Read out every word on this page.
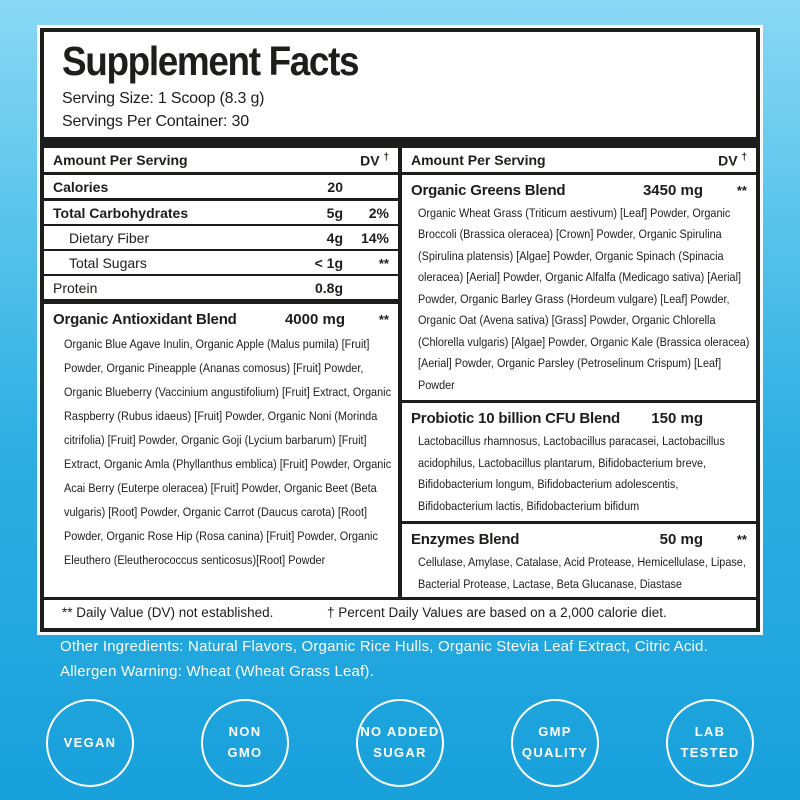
Supplement Facts
Serving Size: 1 Scoop (8.3 g)
Servings Per Container: 30
Amount Per Serving	DV †
Calories	20
Total Carbohydrates	5g	2%
Dietary Fiber	4g	14%
Total Sugars	< 1g	**
Protein	0.8g
Organic Antioxidant Blend	4000 mg	**
Organic Blue Agave Inulin, Organic Apple (Malus pumila) [Fruit] Powder, Organic Pineapple (Ananas comosus) [Fruit] Powder, Organic Blueberry (Vaccinium angustifolium) [Fruit] Extract, Organic Raspberry (Rubus idaeus) [Fruit] Powder, Organic Noni (Morinda citrifolia) [Fruit] Powder, Organic Goji (Lycium barbarum) [Fruit] Extract, Organic Amla (Phyllanthus emblica) [Fruit] Powder, Organic Acai Berry (Euterpe oleracea) [Fruit] Powder, Organic Beet (Beta vulgaris) [Root] Powder, Organic Carrot (Daucus carota) [Root] Powder, Organic Rose Hip (Rosa canina) [Fruit] Powder, Organic Eleuthero (Eleutherococcus senticosus)[Root] Powder
Amount Per Serving	DV †
Organic Greens Blend	3450 mg	**
Organic Wheat Grass (Triticum aestivum) [Leaf] Powder, Organic Broccoli (Brassica oleracea) [Crown] Powder, Organic Spirulina (Spirulina platensis) [Algae] Powder, Organic Spinach (Spinacia oleracea) [Aerial] Powder, Organic Alfalfa (Medicago sativa) [Aerial] Powder, Organic Barley Grass (Hordeum vulgare) [Leaf] Powder, Organic Oat (Avena sativa) [Grass] Powder, Organic Chlorella (Chlorella vulgaris) [Algae] Powder, Organic Kale (Brassica oleracea) [Aerial] Powder, Organic Parsley (Petroselinum Crispum) [Leaf] Powder
Probiotic 10 billion CFU Blend	150 mg
Lactobacillus rhamnosus, Lactobacillus paracasei, Lactobacillus acidophilus, Lactobacillus plantarum, Bifidobacterium breve, Bifidobacterium longum, Bifidobacterium adolescentis, Bifidobacterium lactis, Bifidobacterium bifidum
Enzymes Blend	50 mg	**
Cellulase, Amylase, Catalase, Acid Protease, Hemicellulase, Lipase, Bacterial Protease, Lactase, Beta Glucanase, Diastase
** Daily Value (DV) not established.	† Percent Daily Values are based on a 2,000 calorie diet.
Other Ingredients: Natural Flavors, Organic Rice Hulls, Organic Stevia Leaf Extract, Citric Acid.
Allergen Warning: Wheat (Wheat Grass Leaf).
VEGAN
NON
GMO
NO ADDED
SUGAR
GMP
QUALITY
LAB
TESTED
